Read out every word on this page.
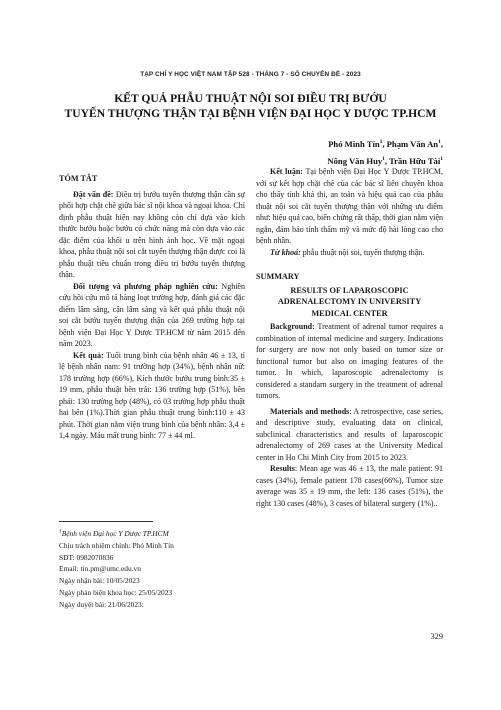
TẠP CHÍ Y HỌC VIỆT NAM TẬP 528 - THÁNG 7 - SỐ CHUYÊN ĐỀ - 2023
KẾT QUẢ PHẪU THUẬT NỘI SOI ĐIỀU TRỊ BƯỚU
TUYẾN THƯỢNG THẬN TẠI BỆNH VIỆN ĐẠI HỌC Y DƯỢC TP.HCM
Phó Minh Tín$^1$, Phạm Văn An$^1$,
Nông Văn Huy$^1$, Trần Hữu Tài$^1$
TÓM TẮT

Đặt vấn đề: Điều trị bướu tuyến thượng thận cần sự phối hợp chặt chẽ giữa bác sĩ nội khoa và ngoại khoa. Chỉ định phẫu thuật hiện nay không còn chỉ dựa vào kích thước bướu hoặc bướu có chức năng mà còn dựa vào các đặc điểm của khối u trên hình ảnh học. Về mặt ngoại khoa, phẫu thuật nội soi cắt tuyến thượng thận được coi là phẫu thuật tiêu chuẩn trong điều trị bướu tuyến thượng thận.

Đối tượng và phương pháp nghiên cứu: Nghiên cứu hồi cứu mô tả hàng loạt trường hợp, đánh giá các đặc điểm lâm sàng, cận lâm sàng và kết quả phẫu thuật nội soi cắt bướu tuyến thượng thận của 269 trường hợp tại bệnh viện Đại Học Y Dược TP.HCM từ năm 2015 đến năm 2023.

Kết quả: Tuổi trung bình của bệnh nhân 46 ± 13, tỉ lệ bệnh nhân nam: 91 trường hợp (34%), bệnh nhân nữ: 178 trường hợp (66%), Kích thước bướu trung bình:35 ± 19 mm, phẫu thuật bên trái: 136 trường hợp (51%), bên phải: 130 trường hợp (48%), có 03 trường hợp phẫu thuật hai bên (1%).Thời gian phẫu thuật trung bình:110 ± 43 phút. Thời gian nằm viện trung bình của bệnh nhân: 3,4 ± 1,4 ngày. Máu mất trung bình: 77 ± 44 ml.

$^1$Bệnh viện Đại học Y Dược TP.HCM
Chịu trách nhiệm chính: Phó Minh Tín
SĐT: 0982070836
Email: tin.pm@umc.edu.vn
Ngày nhận bài: 10/05/2023
Ngày phản biện khoa học: 25/05/2023
Ngày duyệt bài: 21/06/2023:

Kết luận: Tại bệnh viện Đại Học Y Dược TP.HCM, với sự kết hợp chặt chẽ của các bác sĩ liên chuyên khoa cho thấy tính khả thi, an toàn và hiệu quả cao của phẫu thuật nội soi cắt tuyến thượng thận với những ưu điểm như: hiệu quả cao, biến chứng rất thấp, thời gian nằm viện ngắn, đảm bảo tính thẩm mỹ và mức độ hài lòng cao cho bệnh nhân.

Từ khoá: phẫu thuật nội soi, tuyến thượng thận.

SUMMARY
RESULTS OF LAPAROSCOPIC
ADRENALECTOMY IN UNIVERSITY
MEDICAL CENTER

Background: Treatment of adrenal tumor requires a combination of internal medicine and surgery. Indications for surgery are now not only based on tumor size or functional tumor but also on imaging features of the tumor. In which, laparoscopic adrenalectomy is considered a standarn surgery in the treatment of adrenal tumors.

Materials and methods: A retrospective, case series, and descriptive study, evaluating data on clinical, subclinical characteristics and results of laparoscopic adrenalectomy of 269 cases at the University Medical center in Ho Chi Minh City from 2015 to 2023.

Results: Mean age was 46 ± 13, the male patient: 91 cases (34%), female patient 178 cases(66%), Tumor size average was 35 ± 19 mm, the left: 136 cases (51%), the right 130 cases (48%), 3 cases of bilateral surgery (1%)..

329
